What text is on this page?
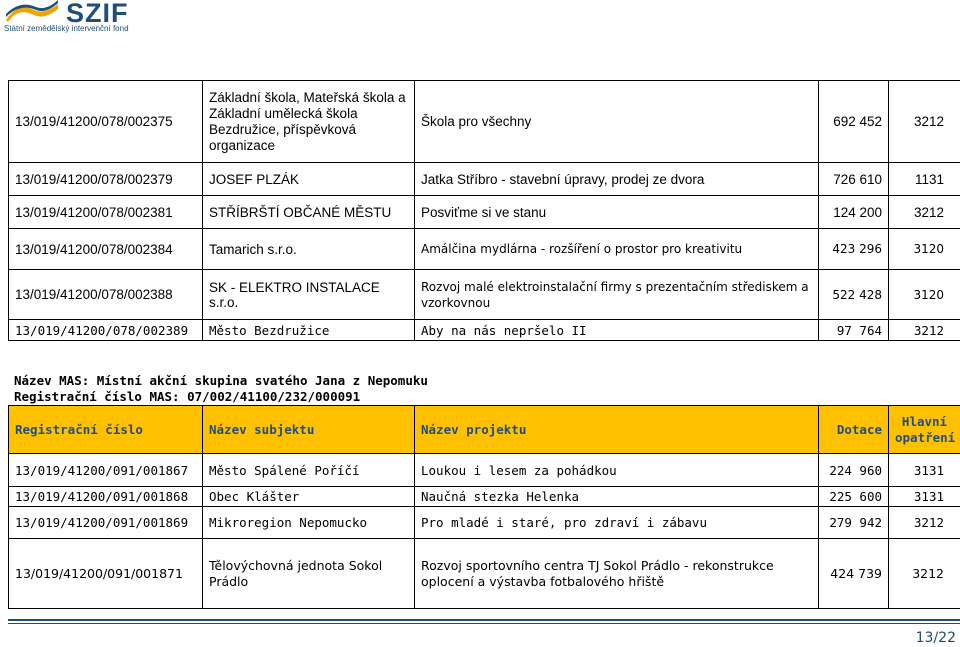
SZIF
Státní zemědělský intervenční fond
13/019/41200/078/002375	Základní škola, Mateřská škola a Základní umělecká škola Bezdružice, příspěvková organizace	Škola pro všechny	692 452	3212
13/019/41200/078/002379	JOSEF PLZÁK	Jatka Stříbro - stavební úpravy, prodej ze dvora	726 610	1131
13/019/41200/078/002381	STŘÍBRŠTÍ OBČANÉ MĚSTU	Posviťme si ve stanu	124 200	3212
13/019/41200/078/002384	Tamarich s.r.o.	Amálčina mydlárna - rozšíření o prostor pro kreativitu	423 296	3120
13/019/41200/078/002388	SK - ELEKTRO INSTALACE s.r.o.	Rozvoj malé elektroinstalační firmy s prezentačním střediskem a vzorkovnou	522 428	3120
13/019/41200/078/002389	Město Bezdružice	Aby na nás nepršelo II	97 764	3212
Název MAS: Místní akční skupina svatého Jana z Nepomuku
Registrační číslo MAS: 07/002/41100/232/000091
Registrační číslo	Název subjektu	Název projektu	Dotace	Hlavní opatření
13/019/41200/091/001867	Město Spálené Poříčí	Loukou i lesem za pohádkou	224 960	3131
13/019/41200/091/001868	Obec Klášter	Naučná stezka Helenka	225 600	3131
13/019/41200/091/001869	Mikroregion Nepomucko	Pro mladé i staré, pro zdraví i zábavu	279 942	3212
13/019/41200/091/001871	Tělovýchovná jednota Sokol Prádlo	Rozvoj sportovního centra TJ Sokol Prádlo - rekonstrukce oplocení a výstavba fotbalového hřiště	424 739	3212
13/22
